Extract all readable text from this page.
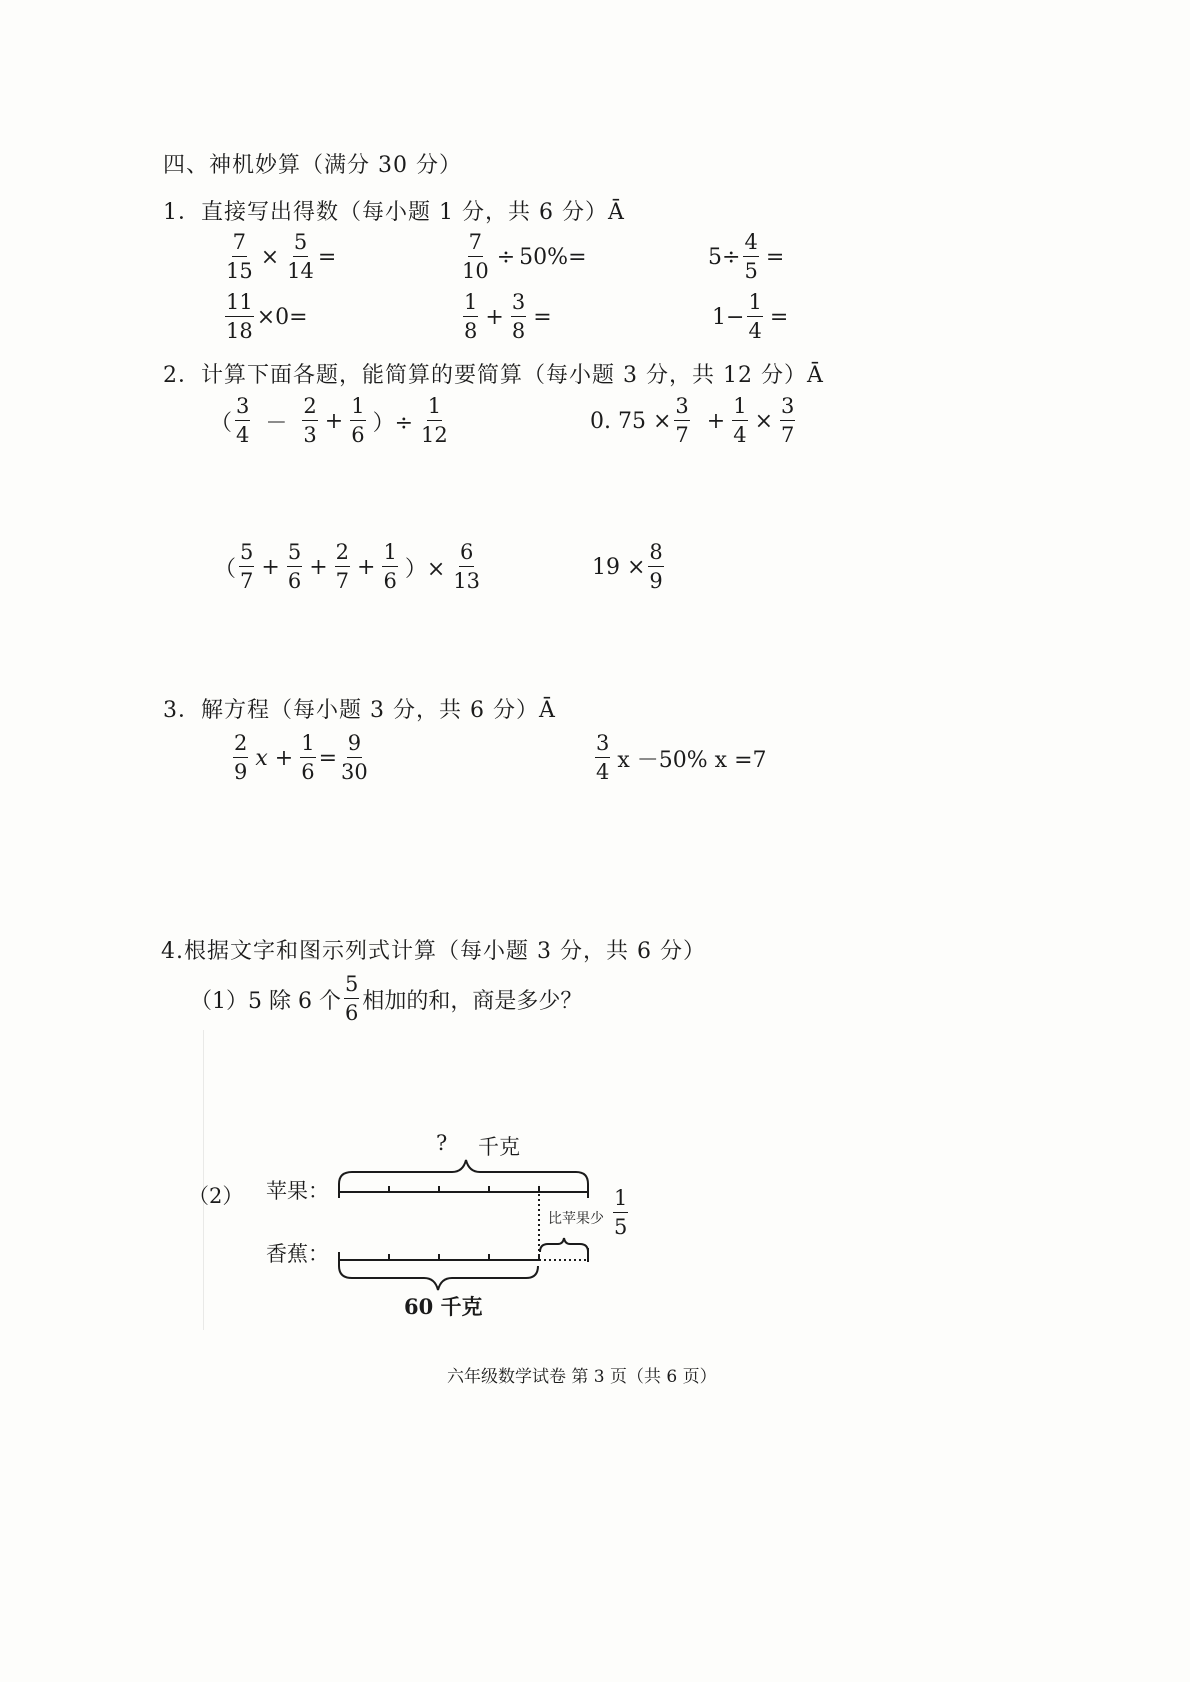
四、神机妙算（满分 30 分）
1．直接写出得数（每小题 1 分，共 6 分）Ā
$\frac{7}{15} \times \frac{5}{14}$ =	$\frac{7}{10} \div 50\%=$	$5\div \frac{4}{5}$ =
$\frac{11}{18} \times 0=$	$\frac{1}{8} + \frac{3}{8}$ =	$1- \frac{1}{4}$ =
2．计算下面各题，能简算的要简算（每小题 3 分，共 12 分）Ā
（ $\frac{3}{4} - \frac{2}{3} + \frac{1}{6}$ ）÷ $\frac{1}{12}$	0. $75 \times \frac{3}{7} + \frac{1}{4} \times \frac{3}{7}$
（ $\frac{5}{7} + \frac{5}{6} + \frac{2}{7} + \frac{1}{6}$ ）× $\frac{6}{13}$	$19 \times \frac{8}{9}$
3．解方程（每小题 3 分，共 6 分）Ā
$\frac{2}{9}$ $x + \frac{1}{6} = \frac{9}{30}$	$\frac{3}{4}$ x －50% x =7
4.根据文字和图示列式计算（每小题 3 分，共 6 分）
（1）5 除 6 个 $\frac{5}{6}$ 相加的和，商是多少？
（2） 苹果：
香蕉：
? 千克
比苹果少 $\frac{1}{5}$
60 千克
六年级数学试卷 第 3 页（共 6 页）
